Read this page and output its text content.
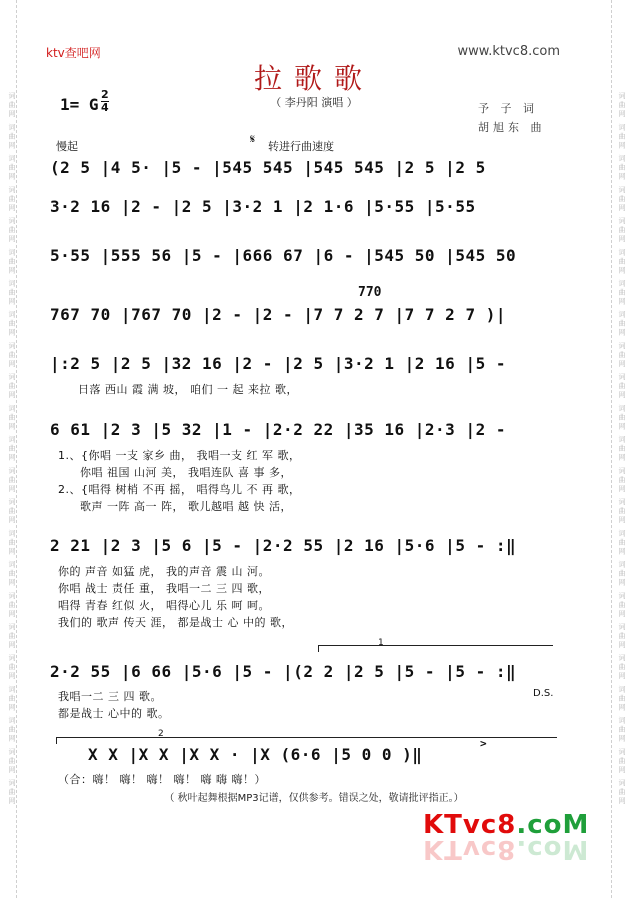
词曲网 词曲网 词曲网 词曲网 词曲网 词曲网 词曲网 词曲网 词曲网 词曲网 词曲网 词曲网 词曲网 词曲网 词曲网 词曲网 词曲网 词曲网 词曲网 词曲网 词曲网 词曲网 词曲网	词曲网 词曲网 词曲网 词曲网 词曲网 词曲网 词曲网 词曲网 词曲网 词曲网 词曲网 词曲网 词曲网 词曲网 词曲网 词曲网 词曲网 词曲网 词曲网 词曲网 词曲网 词曲网 词曲网
ktv查吧网	www.ktvc8.com
拉歌歌
（ 李丹阳 演唱 ）
1= G
2
4	予 子 词
胡旭东 曲
慢起
𝄋
转进行曲速度
(2 5 |4 5· |5 - |545 545 |545 545 |2 5 |2 5
3·2 16 |2 - |2 5 |3·2 1 |2 1·6 |5·55 |5·55
5·55 |555 56 |5 - |666 67 |6 - |545 50 |545 50
770
767 70 |767 70 |2 - |2 - |7 7 2 7 |7 7 2 7 )|
|:2 5 |2 5 |32 16 |2 - |2 5 |3·2 1 |2 16 |5 -
日落 西山 霞 满 坡， 咱们 一 起 来拉 歌，
6 61 |2 3 |5 32 |1 - |2·2 22 |35 16 |2·3 |2 -
1.、{你唱 一支 家乡 曲， 我唱一支 红 军 歌，
你唱 祖国 山河 美， 我唱连队 喜 事 多，
2.、{唱得 树梢 不再 摇， 唱得鸟儿 不 再 歌，
歌声 一阵 高一 阵， 歌儿越唱 越 快 活，
2 21 |2 3 |5 6 |5 - |2·2 55 |2 16 |5·6 |5 - :‖
你的 声音 如猛 虎， 我的声音 震 山 河。
你唱 战士 责任 重， 我唱一二 三 四 歌，
唱得 青春 红似 火， 唱得心儿 乐 呵 呵。
我们的 歌声 传天 涯， 都是战士 心 中的 歌，
1
2·2 55 |6 66 |5·6 |5 - |(2 2 |2 5 |5 - |5 - :‖
我唱一二 三 四 歌。
都是战士 心中的 歌。
D.S.
2
>
X X |X X |X X · |X (6·6 |5 0 0 )‖
（合：嗨！ 嗨！ 嗨！ 嗨！ 嗨 嗨 嗨！）
（ 秋叶起舞根据MP3记谱，仅供参考。错误之处，敬请批评指正。）
KTvc8.coM
KTvc8.coM
